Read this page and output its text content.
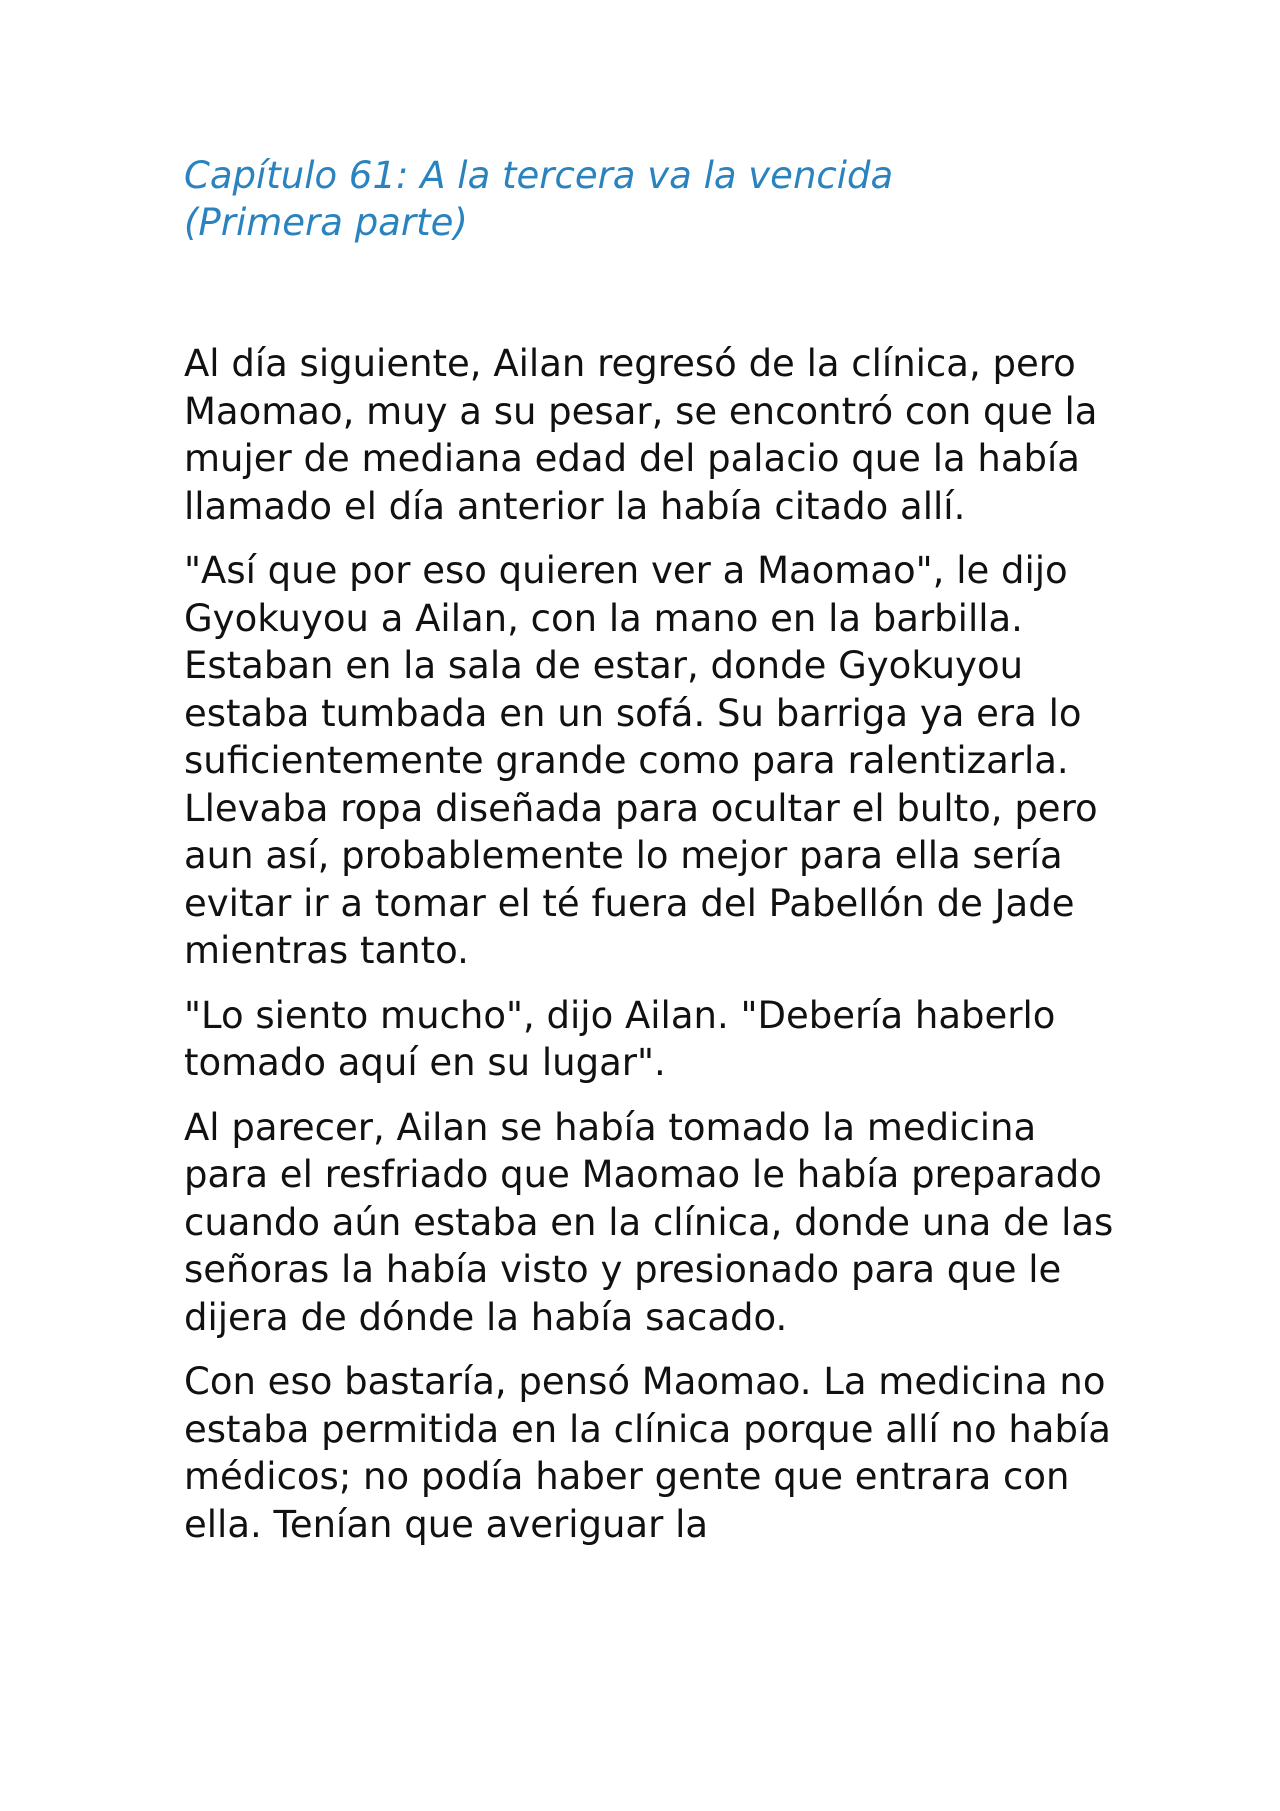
Capítulo 61: A la tercera va la vencida
(Primera parte)

Al día siguiente, Ailan regresó de la clínica, pero Maomao, muy a su pesar, se encontró con que la mujer de mediana edad del palacio que la había llamado el día anterior la había citado allí.

"Así que por eso quieren ver a Maomao", le dijo Gyokuyou a Ailan, con la mano en la barbilla. Estaban en la sala de estar, donde Gyokuyou estaba tumbada en un sofá. Su barriga ya era lo suficientemente grande como para ralentizarla. Llevaba ropa diseñada para ocultar el bulto, pero aun así, probablemente lo mejor para ella sería evitar ir a tomar el té fuera del Pabellón de Jade mientras tanto.

"Lo siento mucho", dijo Ailan. "Debería haberlo tomado aquí en su lugar".

Al parecer, Ailan se había tomado la medicina para el resfriado que Maomao le había preparado cuando aún estaba en la clínica, donde una de las señoras la había visto y presionado para que le dijera de dónde la había sacado.

Con eso bastaría, pensó Maomao. La medicina no estaba permitida en la clínica porque allí no había médicos; no podía haber gente que entrara con ella. Tenían que averiguar la
